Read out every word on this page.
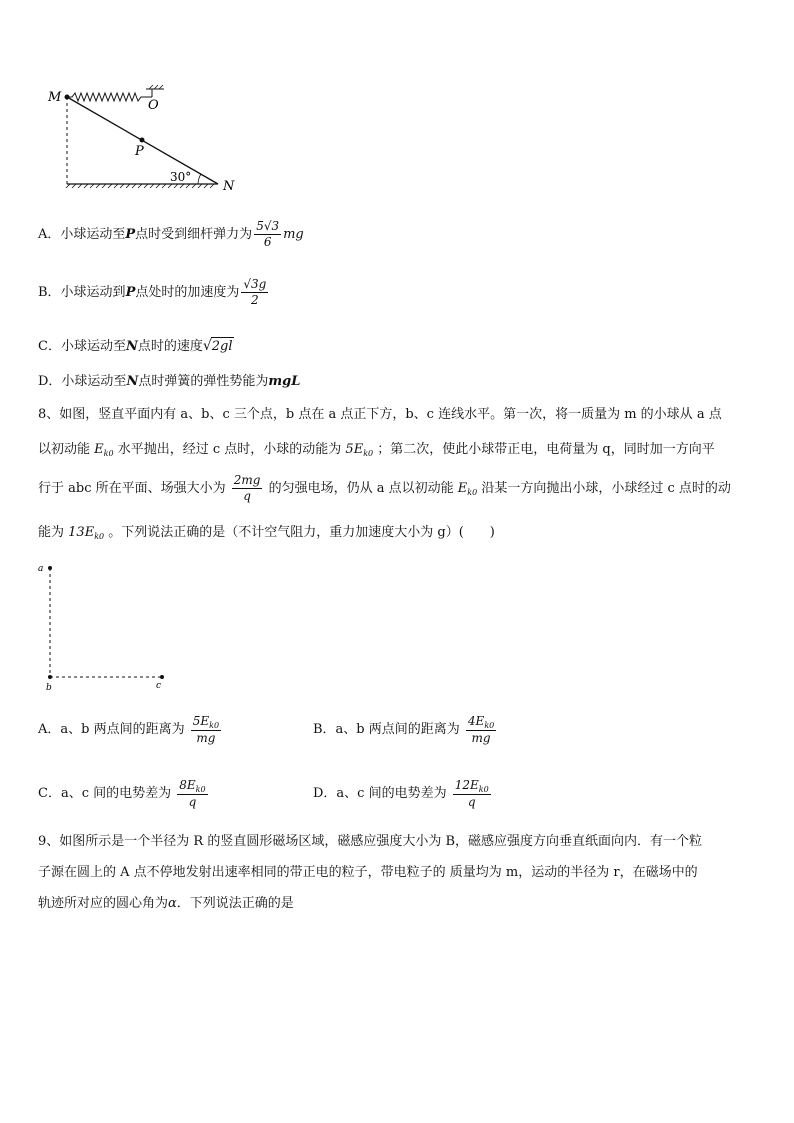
M
O
P
N
30°
A．小球运动至P点时受到细杆弹力为 $\frac{5√3}{6}$ mg
B．小球运动到P点处时的加速度为 $\frac{√3g}{2}$
C．小球运动至N点时的速度√2gl
D．小球运动至N点时弹簧的弹性势能为mgL
8、如图，竖直平面内有 a、b、c 三个点，b 点在 a 点正下方，b、c 连线水平。第一次，将一质量为 m 的小球从 a 点
以初动能 $E_{k0}$ 水平抛出，经过 c 点时，小球的动能为 $5E_{k0}$ ；第二次，使此小球带正电，电荷量为 q，同时加一方向平
行于 abc 所在平面、场强大小为 $\frac{2mg}{q}$ 的匀强电场，仍从 a 点以初动能 $E_{k0}$ 沿某一方向抛出小球，小球经过 c 点时的动
能为 $13E_{k0}$ 。下列说法正确的是（不计空气阻力，重力加速度大小为 g）(　　)
a
b	c
A．a、b 两点间的距离为 $\frac{5E_{k0}}{mg}$	B．a、b 两点间的距离为 $\frac{4E_{k0}}{mg}$
C．a、c 间的电势差为 $\frac{8E_{k0}}{q}$	D．a、c 间的电势差为 $\frac{12E_{k0}}{q}$
9、如图所示是一个半径为 R 的竖直圆形磁场区域，磁感应强度大小为 B，磁感应强度方向垂直纸面向内．有一个粒
子源在圆上的 A 点不停地发射出速率相同的带正电的粒子，带电粒子的 质量均为 m，运动的半径为 r，在磁场中的
轨迹所对应的圆心角为α．下列说法正确的是
